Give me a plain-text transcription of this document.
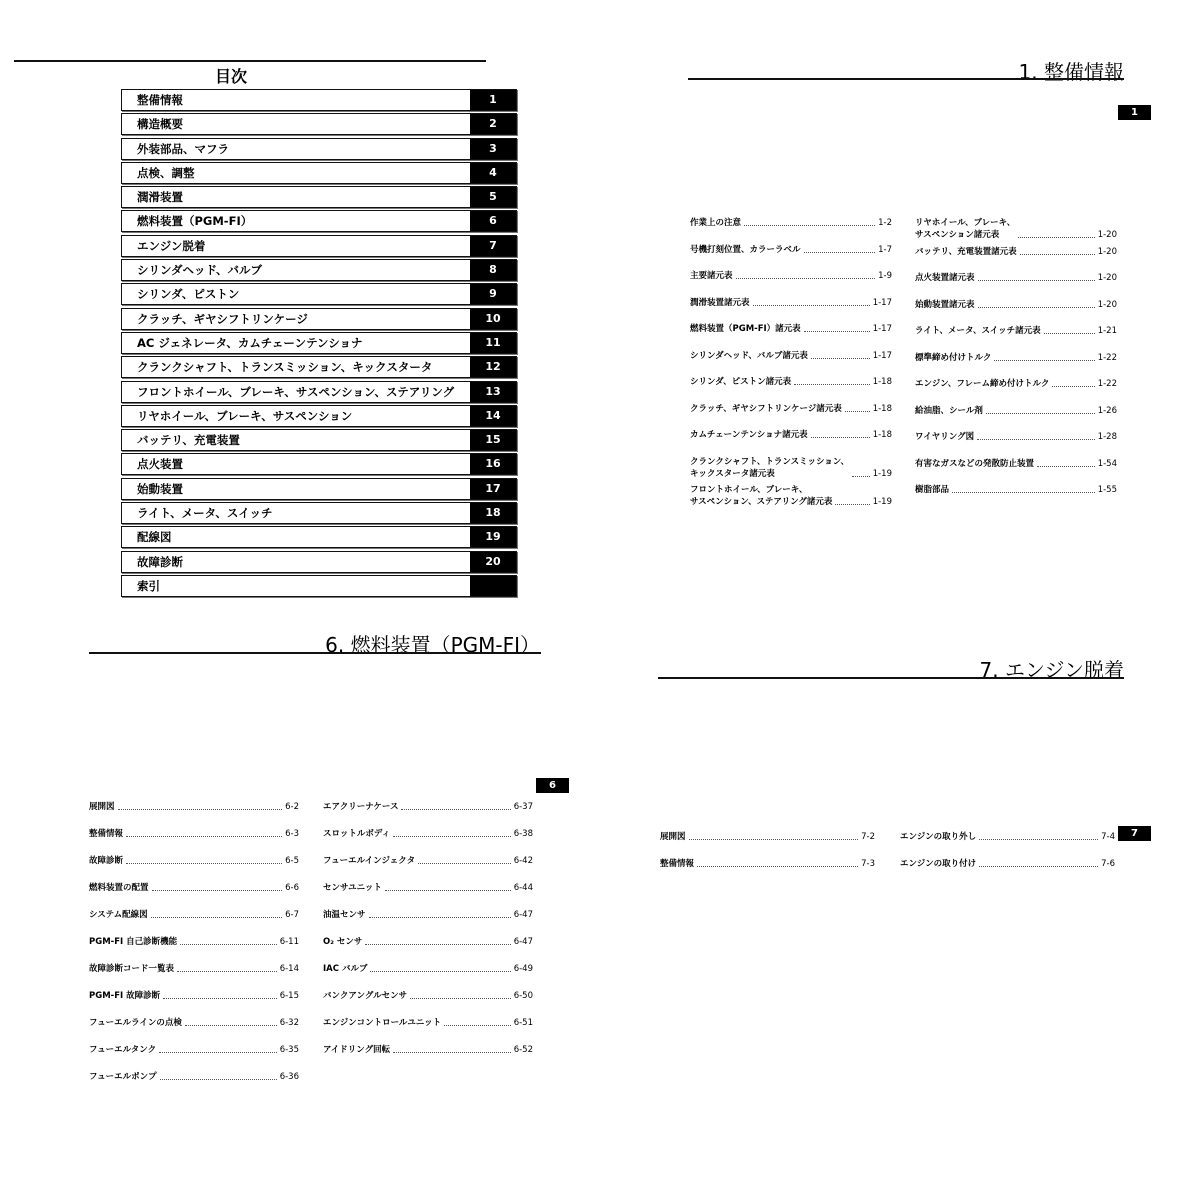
目次
整備情報	1
構造概要	2
外装部品、マフラ	3
点検、調整	4
潤滑装置	5
燃料装置（PGM-FI）	6
エンジン脱着	7
シリンダヘッド、バルブ	8
シリンダ、ピストン	9
クラッチ、ギヤシフトリンケージ	10
AC ジェネレータ、カムチェーンテンショナ	11
クランクシャフト、トランスミッション、キックスタータ	12
フロントホイール、ブレーキ、サスペンション、ステアリング	13
リヤホイール、ブレーキ、サスペンション	14
バッテリ、充電装置	15
点火装置	16
始動装置	17
ライト、メータ、スイッチ	18
配線図	19
故障診断	20
索引
1. 整備情報
1
作業上の注意	1-2
号機打刻位置、カラーラベル	1-7
主要諸元表	1-9
潤滑装置諸元表	1-17
燃料装置（PGM-FI）諸元表	1-17
シリンダヘッド、バルブ諸元表	1-17
シリンダ、ピストン諸元表	1-18
クラッチ、ギヤシフトリンケージ諸元表	1-18
カムチェーンテンショナ諸元表	1-18
クランクシャフト、トランスミッション、
キックスタータ諸元表	1-19
フロントホイール、ブレーキ、
サスペンション、ステアリング諸元表	1-19
リヤホイール、ブレーキ、
サスペンション諸元表	1-20
バッテリ、充電装置諸元表	1-20
点火装置諸元表	1-20
始動装置諸元表	1-20
ライト、メータ、スイッチ諸元表	1-21
標準締め付けトルク	1-22
エンジン、フレーム締め付けトルク	1-22
給油脂、シール剤	1-26
ワイヤリング図	1-28
有害なガスなどの発散防止装置	1-54
樹脂部品	1-55
6. 燃料装置（PGM-FI）
6
展開図	6-2
整備情報	6-3
故障診断	6-5
燃料装置の配置	6-6
システム配線図	6-7
PGM-FI 自己診断機能	6-11
故障診断コード一覧表	6-14
PGM-FI 故障診断	6-15
フューエルラインの点検	6-32
フューエルタンク	6-35
フューエルポンプ	6-36
エアクリーナケース	6-37
スロットルボディ	6-38
フューエルインジェクタ	6-42
センサユニット	6-44
油温センサ	6-47
O₂ センサ	6-47
IAC バルブ	6-49
バンクアングルセンサ	6-50
エンジンコントロールユニット	6-51
アイドリング回転	6-52
7. エンジン脱着
7
展開図	7-2
整備情報	7-3
エンジンの取り外し	7-4
エンジンの取り付け	7-6
